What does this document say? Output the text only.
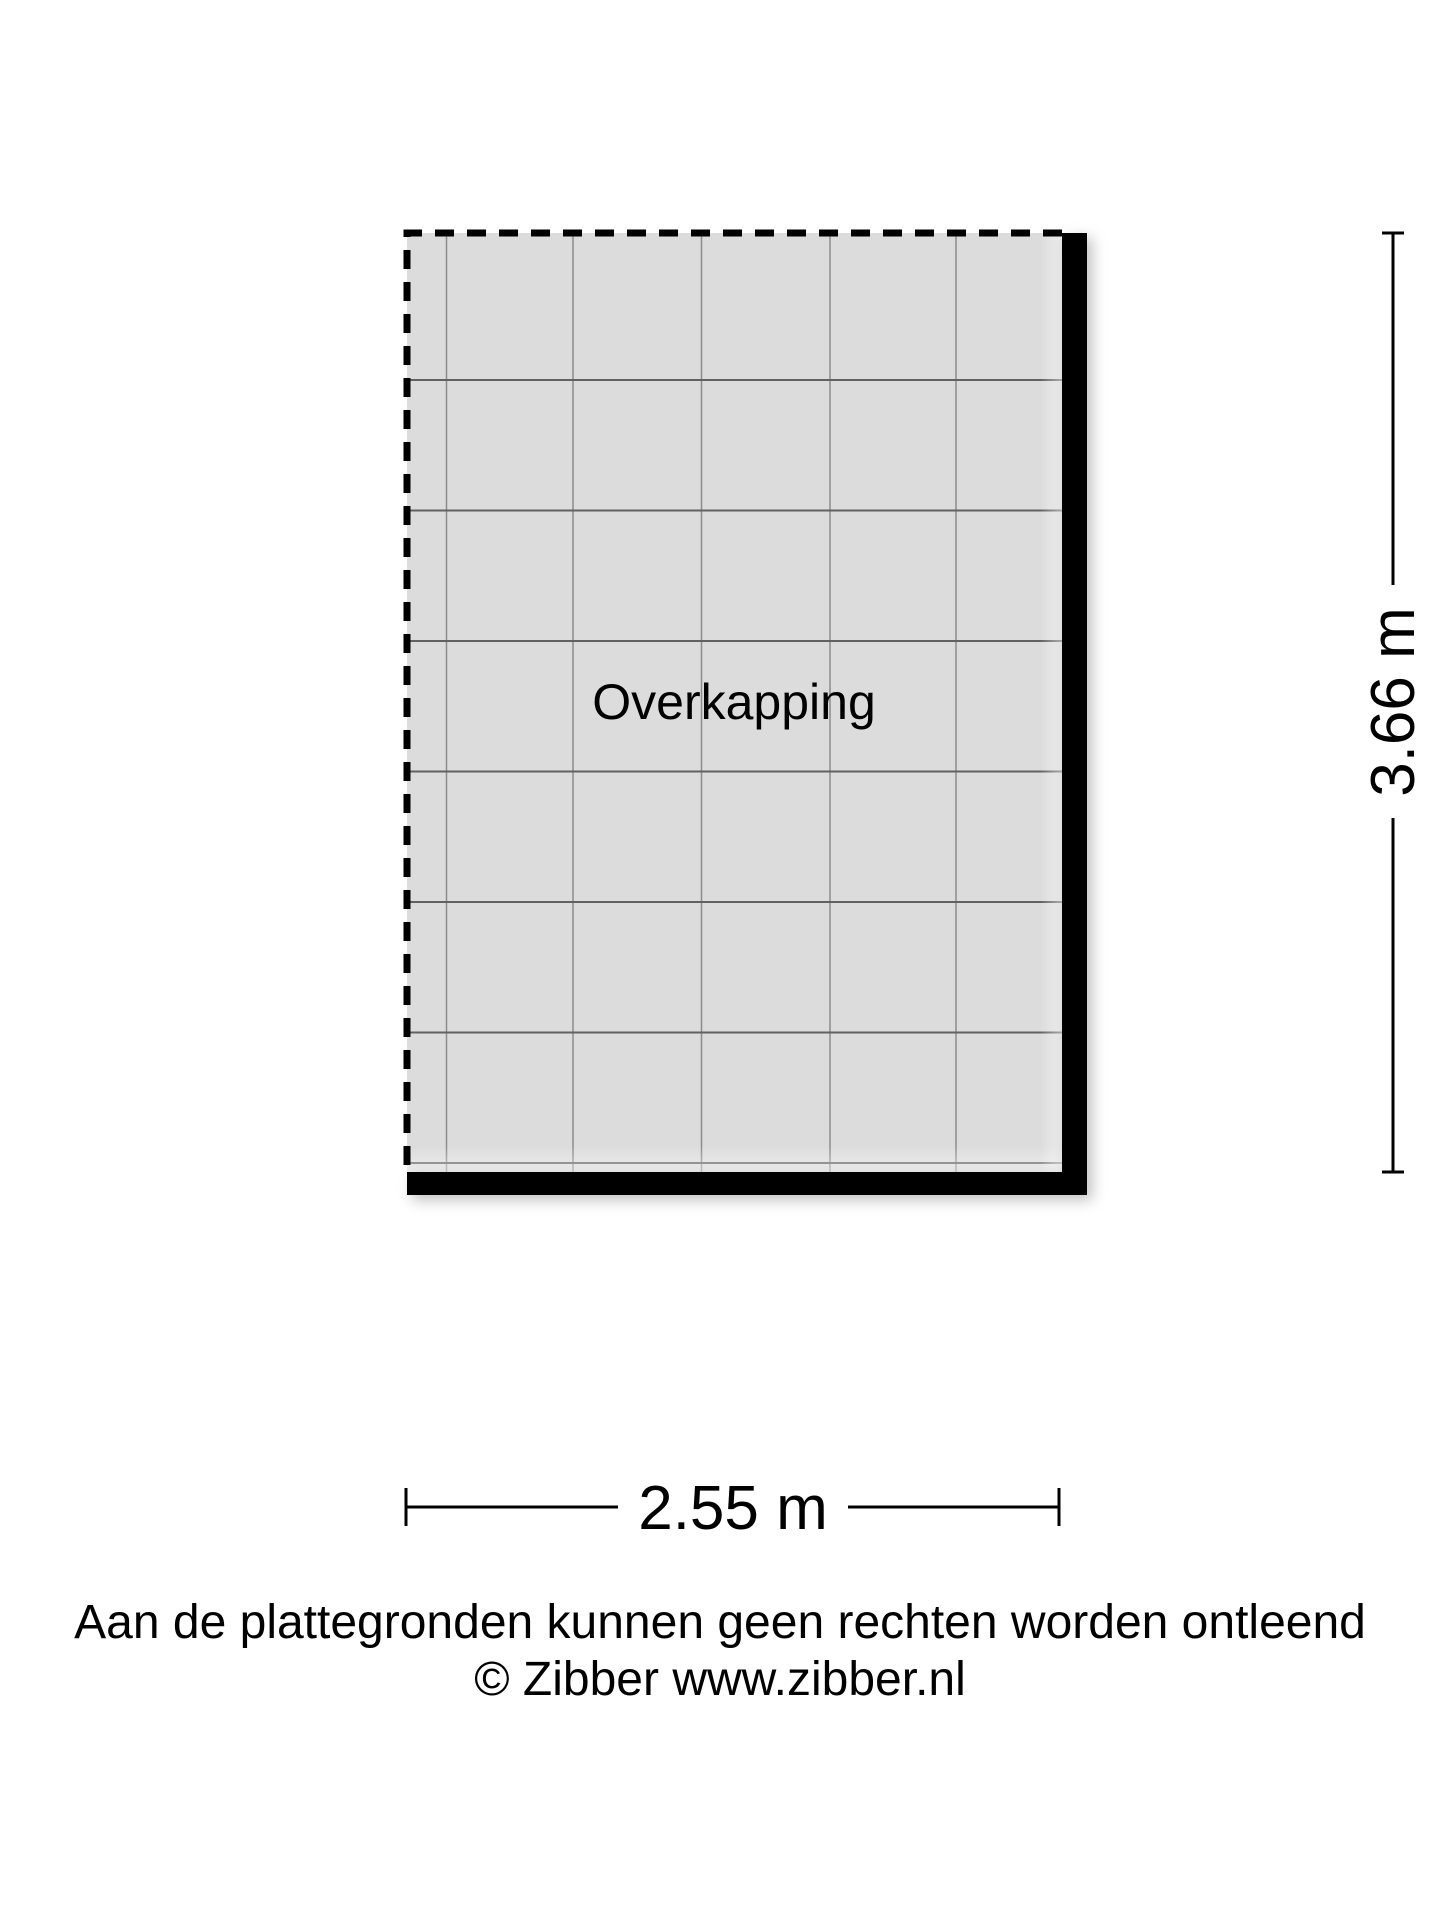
Overkapping	3.66 m
2.55 m
Aan de plattegronden kunnen geen rechten worden ontleend
© Zibber www.zibber.nl
